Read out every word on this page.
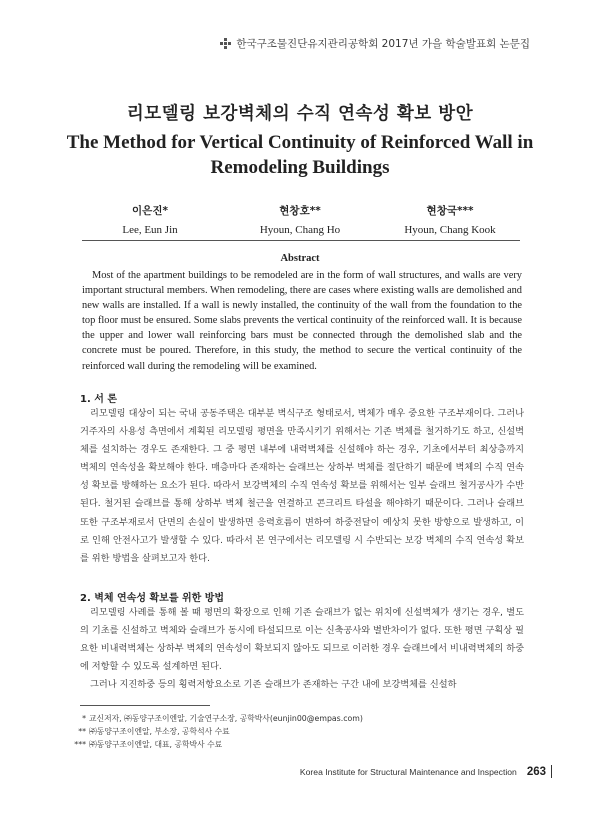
한국구조물진단유지관리공학회 2017년 가을 학술발표회 논문집
리모델링 보강벽체의 수직 연속성 확보 방안
The Method for Vertical Continuity of Reinforced Wall in Remodeling Buildings
이은진*
Lee, Eun Jin
현창호**
Hyoun, Chang Ho
현창국***
Hyoun, Chang Kook
Abstract
Most of the apartment buildings to be remodeled are in the form of wall structures, and walls are very important structural members. When remodeling, there are cases where existing walls are demolished and new walls are installed. If a wall is newly installed, the continuity of the wall from the foundation to the top floor must be ensured. Some slabs prevents the vertical continuity of the reinforced wall. It is because the upper and lower wall reinforcing bars must be connected through the demolished slab and the concrete must be poured. Therefore, in this study, the method to secure the vertical continuity of the reinforced wall during the remodeling will be examined.
1. 서 론
리모델링 대상이 되는 국내 공동주택은 대부분 벽식구조 형태로서, 벽체가 매우 중요한 구조부재이다. 그러나 거주자의 사용성 측면에서 계획된 리모델링 평면을 만족시키기 위해서는 기존 벽체를 철거하기도 하고, 신설벽체를 설치하는 경우도 존재한다. 그 중 평면 내부에 내력벽체를 신설해야 하는 경우, 기초에서부터 최상층까지 벽체의 연속성을 확보해야 한다. 매층마다 존재하는 슬래브는 상하부 벽체를 절단하기 때문에 벽체의 수직 연속성 확보를 방해하는 요소가 된다. 따라서 보강벽체의 수직 연속성 확보를 위해서는 일부 슬래브 철거공사가 수반된다. 철거된 슬래브를 통해 상하부 벽체 철근을 연결하고 콘크리트 타설을 해야하기 때문이다. 그러나 슬래브 또한 구조부재로서 단면의 손실이 발생하면 응력흐름이 변하여 하중전달이 예상치 못한 방향으로 발생하고, 이로 인해 안전사고가 발생할 수 있다. 따라서 본 연구에서는 리모델링 시 수반되는 보강 벽체의 수직 연속성 확보를 위한 방법을 살펴보고자 한다.
2. 벽체 연속성 확보를 위한 방법
리모델링 사례를 통해 볼 때 평면의 확장으로 인해 기존 슬래브가 없는 위치에 신설벽체가 생기는 경우, 별도의 기초를 신설하고 벽체와 슬래브가 동시에 타설되므로 이는 신축공사와 별반차이가 없다. 또한 평면 구획상 필요한 비내력벽체는 상하부 벽체의 연속성이 확보되지 않아도 되므로 이러한 경우 슬래브에서 비내력벽체의 하중에 저항할 수 있도록 설계하면 된다.
그러나 지진하중 등의 횡력저항요소로 기존 슬래브가 존재하는 구간 내에 보강벽체를 신설하
* 교신저자, ㈜동양구조이엔알, 기술연구소장, 공학박사(eunjin00@empas.com)
** ㈜동양구조이엔알, 부소장, 공학석사 수료
*** ㈜동양구조이엔알, 대표, 공학박사 수료
Korea Institute for Structural Maintenance and Inspection 263
